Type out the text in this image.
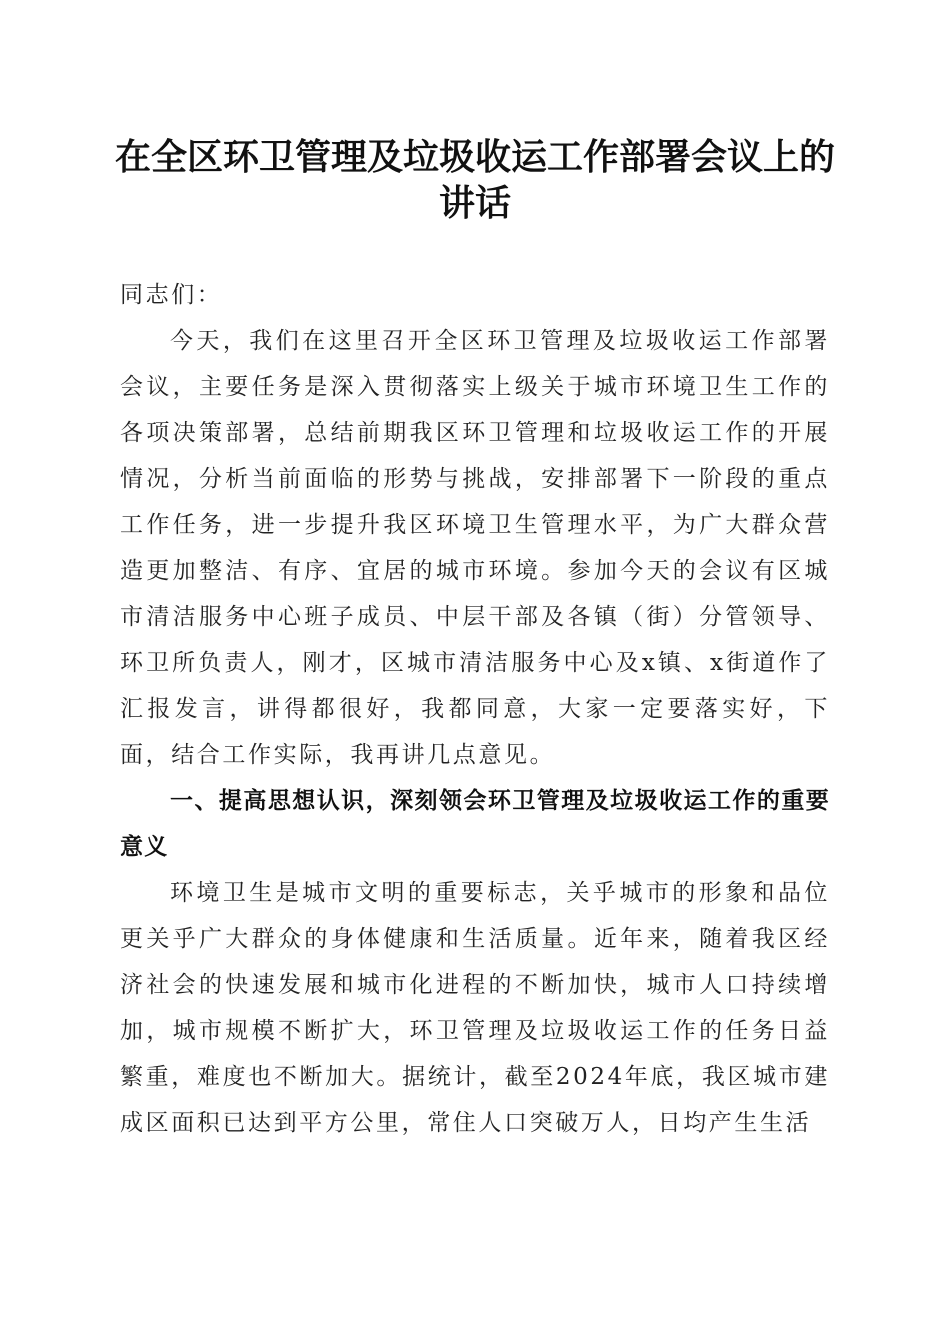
在全区环卫管理及垃圾收运工作部署会议上的
讲话

同志们：

今天，我们在这里召开全区环卫管理及垃圾收运工作部署会议，主要任务是深入贯彻落实上级关于城市环境卫生工作的各项决策部署，总结前期我区环卫管理和垃圾收运工作的开展情况，分析当前面临的形势与挑战，安排部署下一阶段的重点工作任务，进一步提升我区环境卫生管理水平，为广大群众营造更加整洁、有序、宜居的城市环境。参加今天的会议有区城市清洁服务中心班子成员、中层干部及各镇（街）分管领导、环卫所负责人，刚才，区城市清洁服务中心及x镇、x街道作了汇报发言，讲得都很好，我都同意，大家一定要落实好，下面，结合工作实际，我再讲几点意见。

一、提高思想认识，深刻领会环卫管理及垃圾收运工作的重要意义

环境卫生是城市文明的重要标志，关乎城市的形象和品位更关乎广大群众的身体健康和生活质量。近年来，随着我区经济社会的快速发展和城市化进程的不断加快，城市人口持续增加，城市规模不断扩大，环卫管理及垃圾收运工作的任务日益繁重，难度也不断加大。据统计，截至2024年底，我区城市建成区面积已达到平方公里，常住人口突破万人，日均产生生活
